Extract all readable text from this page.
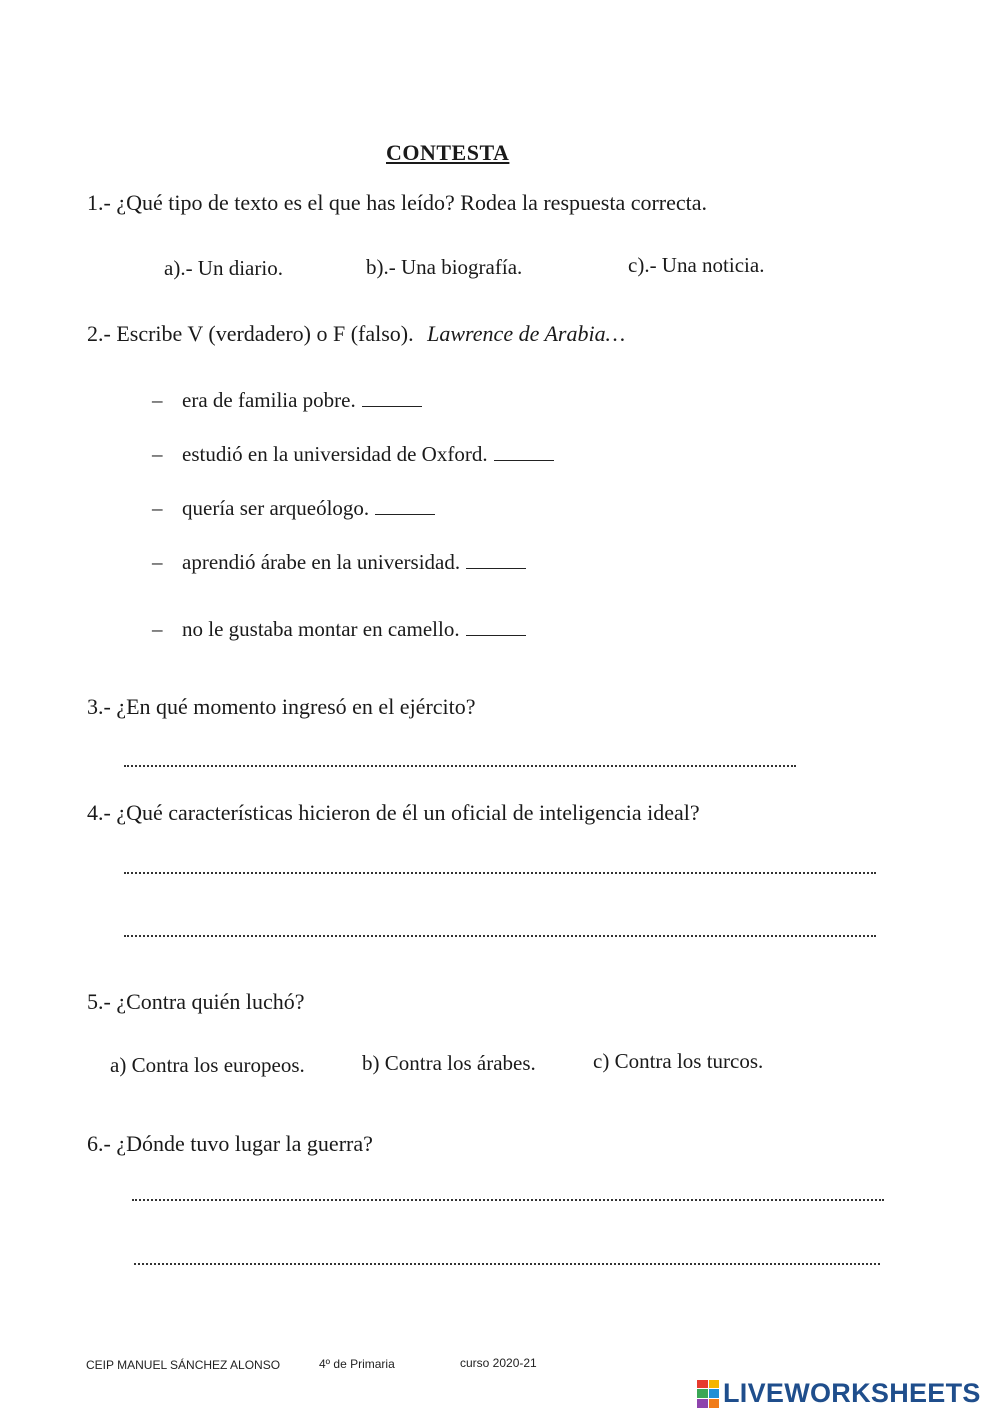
CONTESTA
1.- ¿Qué tipo de texto es el que has leído? Rodea la respuesta correcta.
a).- Un diario.	b).- Una biografía.	c).- Una noticia.
2.- Escribe V (verdadero) o F (falso). Lawrence de Arabia…
– era de familia pobre.
– estudió en la universidad de Oxford.
– quería ser arqueólogo.
– aprendió árabe en la universidad.
– no le gustaba montar en camello.
3.- ¿En qué momento ingresó en el ejército?
4.- ¿Qué características hicieron de él un oficial de inteligencia ideal?
5.- ¿Contra quién luchó?
a) Contra los europeos.	b) Contra los árabes.	c) Contra los turcos.
6.- ¿Dónde tuvo lugar la guerra?
CEIP MANUEL SÁNCHEZ ALONSO	4º de Primaria	curso 2020-21
LIVEWORKSHEETS
